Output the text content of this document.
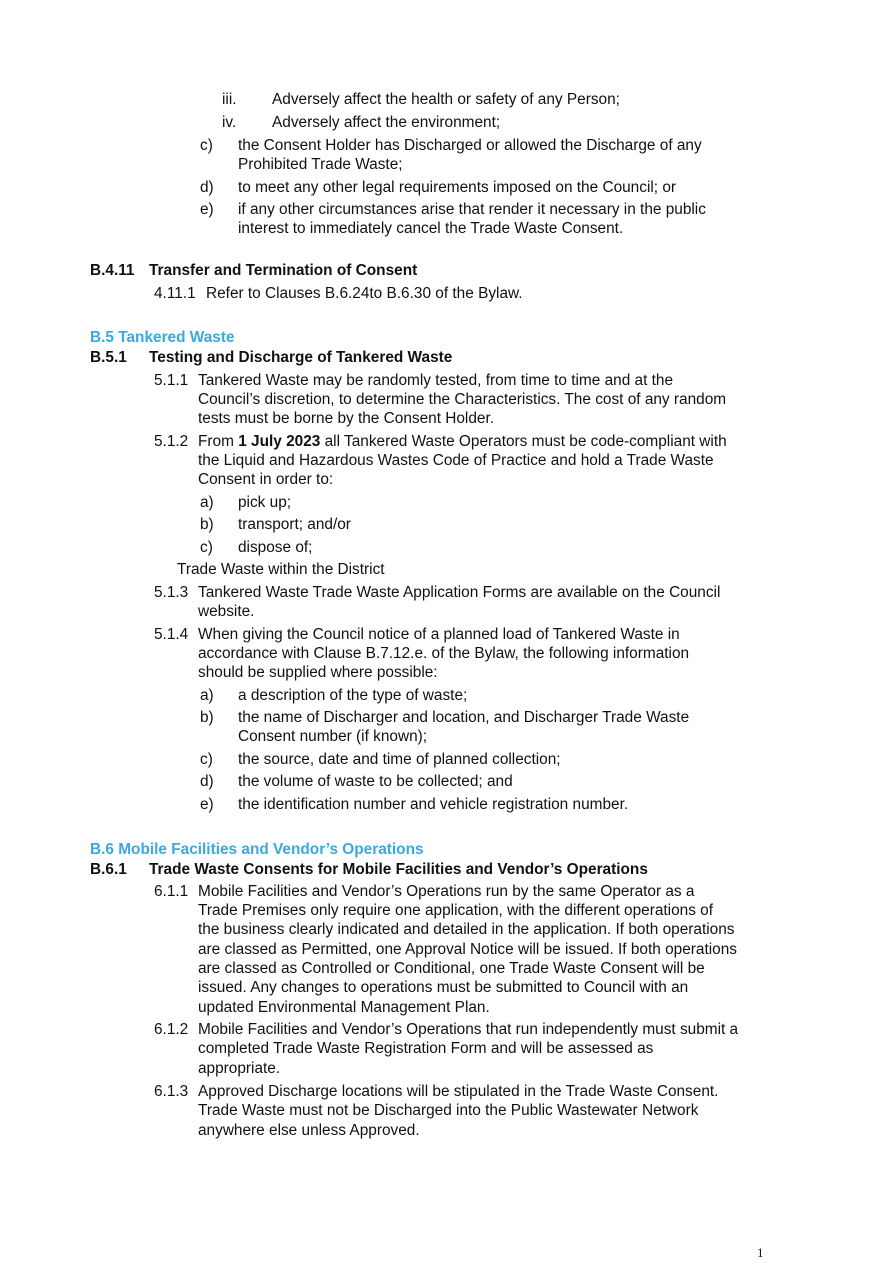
iii. Adversely affect the health or safety of any Person;
iv. Adversely affect the environment;
c) the Consent Holder has Discharged or allowed the Discharge of any
Prohibited Trade Waste;
d) to meet any other legal requirements imposed on the Council; or
e) if any other circumstances arise that render it necessary in the public
interest to immediately cancel the Trade Waste Consent.
B.4.11 Transfer and Termination of Consent
4.11.1 Refer to Clauses B.6.24to B.6.30 of the Bylaw.
B.5 Tankered Waste
B.5.1 Testing and Discharge of Tankered Waste
5.1.1 Tankered Waste may be randomly tested, from time to time and at the
Council’s discretion, to determine the Characteristics. The cost of any random
tests must be borne by the Consent Holder.
5.1.2 From 1 July 2023 all Tankered Waste Operators must be code-compliant with
the Liquid and Hazardous Wastes Code of Practice and hold a Trade Waste
Consent in order to:
a) pick up;
b) transport; and/or
c) dispose of;
Trade Waste within the District
5.1.3 Tankered Waste Trade Waste Application Forms are available on the Council
website.
5.1.4 When giving the Council notice of a planned load of Tankered Waste in
accordance with Clause B.7.12.e. of the Bylaw, the following information
should be supplied where possible:
a) a description of the type of waste;
b) the name of Discharger and location, and Discharger Trade Waste
Consent number (if known);
c) the source, date and time of planned collection;
d) the volume of waste to be collected; and
e) the identification number and vehicle registration number.
B.6 Mobile Facilities and Vendor’s Operations
B.6.1 Trade Waste Consents for Mobile Facilities and Vendor’s Operations
6.1.1 Mobile Facilities and Vendor’s Operations run by the same Operator as a
Trade Premises only require one application, with the different operations of
the business clearly indicated and detailed in the application. If both operations
are classed as Permitted, one Approval Notice will be issued. If both operations
are classed as Controlled or Conditional, one Trade Waste Consent will be
issued. Any changes to operations must be submitted to Council with an
updated Environmental Management Plan.
6.1.2 Mobile Facilities and Vendor’s Operations that run independently must submit a
completed Trade Waste Registration Form and will be assessed as
appropriate.
6.1.3 Approved Discharge locations will be stipulated in the Trade Waste Consent.
Trade Waste must not be Discharged into the Public Wastewater Network
anywhere else unless Approved.
1
